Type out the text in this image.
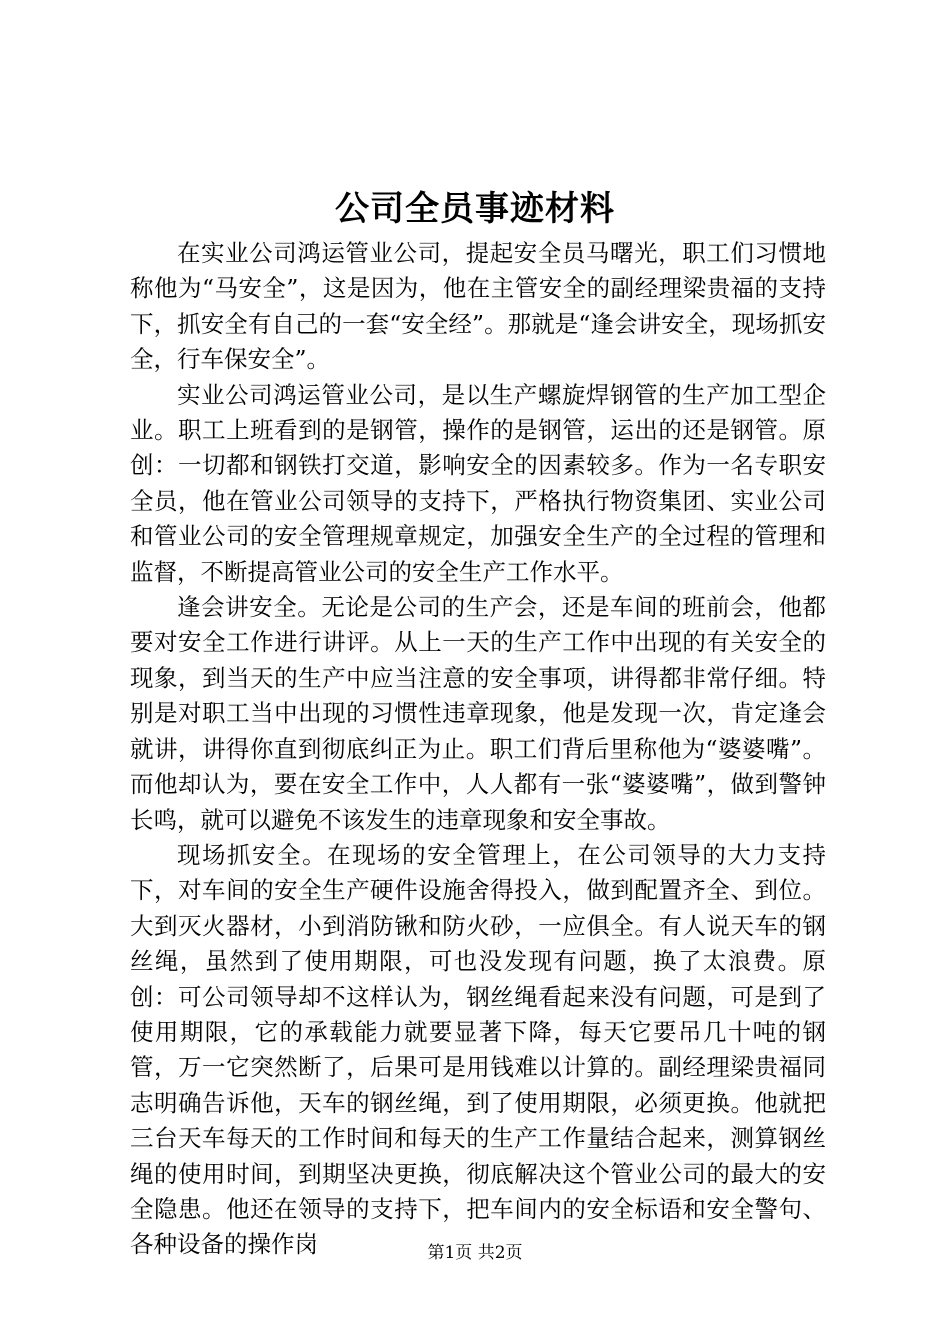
公司全员事迹材料

在实业公司鸿运管业公司，提起安全员马曙光，职工们习惯地称他为“马安全”，这是因为，他在主管安全的副经理梁贵福的支持下，抓安全有自己的一套“安全经”。那就是“逢会讲安全，现场抓安全，行车保安全”。

实业公司鸿运管业公司，是以生产螺旋焊钢管的生产加工型企业。职工上班看到的是钢管，操作的是钢管，运出的还是钢管。原创：一切都和钢铁打交道，影响安全的因素较多。作为一名专职安全员，他在管业公司领导的支持下，严格执行物资集团、实业公司和管业公司的安全管理规章规定，加强安全生产的全过程的管理和监督，不断提高管业公司的安全生产工作水平。

逢会讲安全。无论是公司的生产会，还是车间的班前会，他都要对安全工作进行讲评。从上一天的生产工作中出现的有关安全的现象，到当天的生产中应当注意的安全事项，讲得都非常仔细。特别是对职工当中出现的习惯性违章现象，他是发现一次，肯定逢会就讲，讲得你直到彻底纠正为止。职工们背后里称他为“婆婆嘴”。而他却认为，要在安全工作中，人人都有一张“婆婆嘴”，做到警钟长鸣，就可以避免不该发生的违章现象和安全事故。

现场抓安全。在现场的安全管理上，在公司领导的大力支持下，对车间的安全生产硬件设施舍得投入，做到配置齐全、到位。大到灭火器材，小到消防锹和防火砂，一应俱全。有人说天车的钢丝绳，虽然到了使用期限，可也没发现有问题，换了太浪费。原创：可公司领导却不这样认为，钢丝绳看起来没有问题，可是到了使用期限，它的承载能力就要显著下降，每天它要吊几十吨的钢管，万一它突然断了，后果可是用钱难以计算的。副经理梁贵福同志明确告诉他，天车的钢丝绳，到了使用期限，必须更换。他就把三台天车每天的工作时间和每天的生产工作量结合起来，测算钢丝绳的使用时间，到期坚决更换，彻底解决这个管业公司的最大的安全隐患。他还在领导的支持下，把车间内的安全标语和安全警句、各种设备的操作岗	第1页 共2页
